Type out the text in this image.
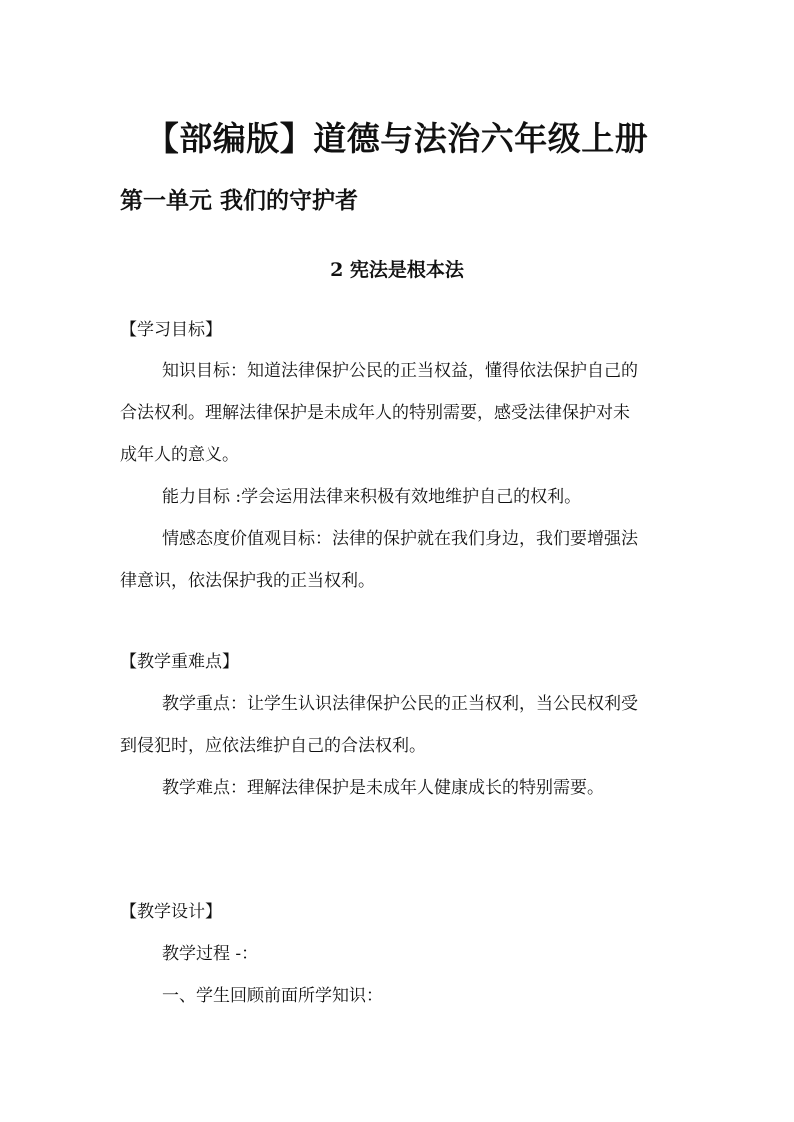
【部编版】道德与法治六年级上册
第一单元 我们的守护者
2 宪法是根本法
【学习目标】
知识目标：知道法律保护公民的正当权益，懂得依法保护自己的合法权利。理解法律保护是未成年人的特别需要，感受法律保护对未成年人的意义。
能力目标 :学会运用法律来积极有效地维护自己的权利。
情感态度价值观目标：法律的保护就在我们身边，我们要增强法律意识，依法保护我的正当权利。
【教学重难点】
教学重点：让学生认识法律保护公民的正当权利，当公民权利受到侵犯时，应依法维护自己的合法权利。
教学难点：理解法律保护是未成年人健康成长的特别需要。
【教学设计】
教学过程 -：
一、学生回顾前面所学知识：
